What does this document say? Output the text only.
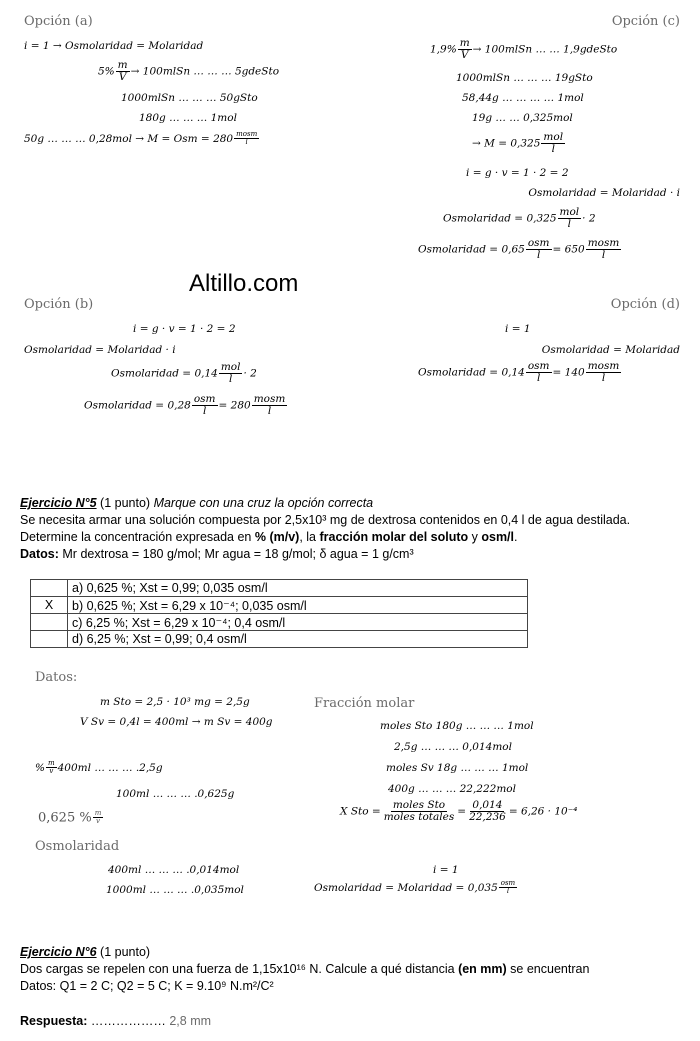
Opción (a)
i = 1 → Osmolaridad = Molaridad
$5\% \frac{m}{V}$ → 100mlSn … … … 5gdeSto
1000mlSn … … … 50gSto
180g … … … 1mol
50g … … … 0,28mol → M = Osm = $280 \frac{\text{mosm}}{l}$
Opción (c)
$1,9\% \frac{m}{V}$ → 100mlSn … … 1,9gdeSto
1000mlSn … … … 19gSto
58,44g … … … … 1mol
19g … … 0,325mol
→ $M = 0,325 \frac{\text{mol}}{l}$
i = g · v = 1 · 2 = 2
Osmolaridad = Molaridad · i
Osmolaridad = $0,325 \frac{\text{mol}}{l} \cdot 2$
Osmolaridad = $0,65 \frac{\text{osm}}{l} = 650 \frac{\text{mosm}}{l}$
Altillo.com
Opción (b)
i = g · v = 1 · 2 = 2
Osmolaridad = Molaridad · i
Osmolaridad = $0,14 \frac{\text{mol}}{l} \cdot 2$
Osmolaridad = $0,28 \frac{\text{osm}}{l} = 280 \frac{\text{mosm}}{l}$
Opción (d)
i = 1
Osmolaridad = Molaridad
Osmolaridad = $0,14 \frac{\text{osm}}{l} = 140 \frac{\text{mosm}}{l}$
Ejercicio N°5 (1 punto) Marque con una cruz la opción correcta
Se necesita armar una solución compuesta por 2,5x10³ mg de dextrosa contenidos en 0,4 l de agua destilada.
Determine la concentración expresada en % (m/v), la fracción molar del soluto y osm/l.
Datos: Mr dextrosa = 180 g/mol; Mr agua = 18 g/mol; δ agua = 1 g/cm³
	a) 0,625 %; Xst = 0,99; 0,035 osm/l
X	b) 0,625 %; Xst = 6,29 x 10⁻⁴; 0,035 osm/l
	c) 6,25 %; Xst = 6,29 x 10⁻⁴; 0,4 osm/l
	d) 6,25 %; Xst = 0,99; 0,4 osm/l
Datos:
m Sto = 2,5 · 10³ mg = 2,5g
V Sv = 0,4l = 400ml → m Sv = 400g
% $\frac{m}{v} 400ml$ … … … .2,5g
100ml … … … .0,625g
0,625 % $\frac{m}{v}$
Fracción molar
moles Sto 180g … … … 1mol
2,5g … … … 0,014mol
moles Sv 18g … … … 1mol
400g … … … 22,222mol
X Sto = $\frac{\text{moles Sto}}{\text{moles totales}} = \frac{0,014}{22,236} = 6,26 \cdot 10^{-4}$
Osmolaridad
400ml … … … .0,014mol
1000ml … … … .0,035mol
i = 1
Osmolaridad = Molaridad = $0,035 \frac{\text{osm}}{l}$
Ejercicio N°6 (1 punto)
Dos cargas se repelen con una fuerza de 1,15x10¹⁶ N. Calcule a qué distancia (en mm) se encuentran
Datos: Q1 = 2 C; Q2 = 5 C; K = 9.10⁹ N.m²/C²
Respuesta: ……………… 2,8 mm
